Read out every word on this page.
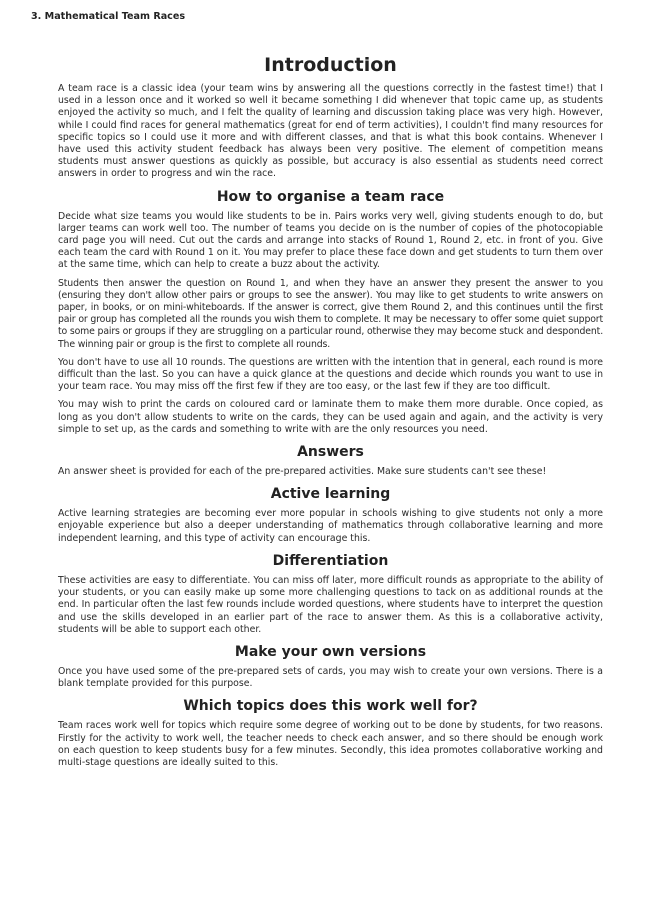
3. Mathematical Team Races
Introduction

A team race is a classic idea (your team wins by answering all the questions correctly in the fastest time!) that I used in a lesson once and it worked so well it became something I did whenever that topic came up, as students enjoyed the activity so much, and I felt the quality of learning and discussion taking place was very high. However, while I could find races for general mathematics (great for end of term activities), I couldn't find many resources for specific topics so I could use it more and with different classes, and that is what this book contains. Whenever I have used this activity student feedback has always been very positive. The element of competition means students must answer questions as quickly as possible, but accuracy is also essential as students need correct answers in order to progress and win the race.

How to organise a team race

Decide what size teams you would like students to be in. Pairs works very well, giving students enough to do, but larger teams can work well too. The number of teams you decide on is the number of copies of the photocopiable card page you will need. Cut out the cards and arrange into stacks of Round 1, Round 2, etc. in front of you. Give each team the card with Round 1 on it. You may prefer to place these face down and get students to turn them over at the same time, which can help to create a buzz about the activity.

Students then answer the question on Round 1, and when they have an answer they present the answer to you (ensuring they don't allow other pairs or groups to see the answer). You may like to get students to write answers on paper, in books, or on mini-whiteboards. If the answer is correct, give them Round 2, and this continues until the first pair or group has completed all the rounds you wish them to complete. It may be necessary to offer some quiet support to some pairs or groups if they are struggling on a particular round, otherwise they may become stuck and despondent. The winning pair or group is the first to complete all rounds.

You don't have to use all 10 rounds. The questions are written with the intention that in general, each round is more difficult than the last. So you can have a quick glance at the questions and decide which rounds you want to use in your team race. You may miss off the first few if they are too easy, or the last few if they are too difficult.

You may wish to print the cards on coloured card or laminate them to make them more durable. Once copied, as long as you don't allow students to write on the cards, they can be used again and again, and the activity is very simple to set up, as the cards and something to write with are the only resources you need.

Answers

An answer sheet is provided for each of the pre-prepared activities. Make sure students can't see these!

Active learning

Active learning strategies are becoming ever more popular in schools wishing to give students not only a more enjoyable experience but also a deeper understanding of mathematics through collaborative learning and more independent learning, and this type of activity can encourage this.

Differentiation

These activities are easy to differentiate. You can miss off later, more difficult rounds as appropriate to the ability of your students, or you can easily make up some more challenging questions to tack on as additional rounds at the end. In particular often the last few rounds include worded questions, where students have to interpret the question and use the skills developed in an earlier part of the race to answer them. As this is a collaborative activity, students will be able to support each other.

Make your own versions

Once you have used some of the pre-prepared sets of cards, you may wish to create your own versions. There is a blank template provided for this purpose.

Which topics does this work well for?

Team races work well for topics which require some degree of working out to be done by students, for two reasons. Firstly for the activity to work well, the teacher needs to check each answer, and so there should be enough work on each question to keep students busy for a few minutes. Secondly, this idea promotes collaborative working and multi-stage questions are ideally suited to this.
